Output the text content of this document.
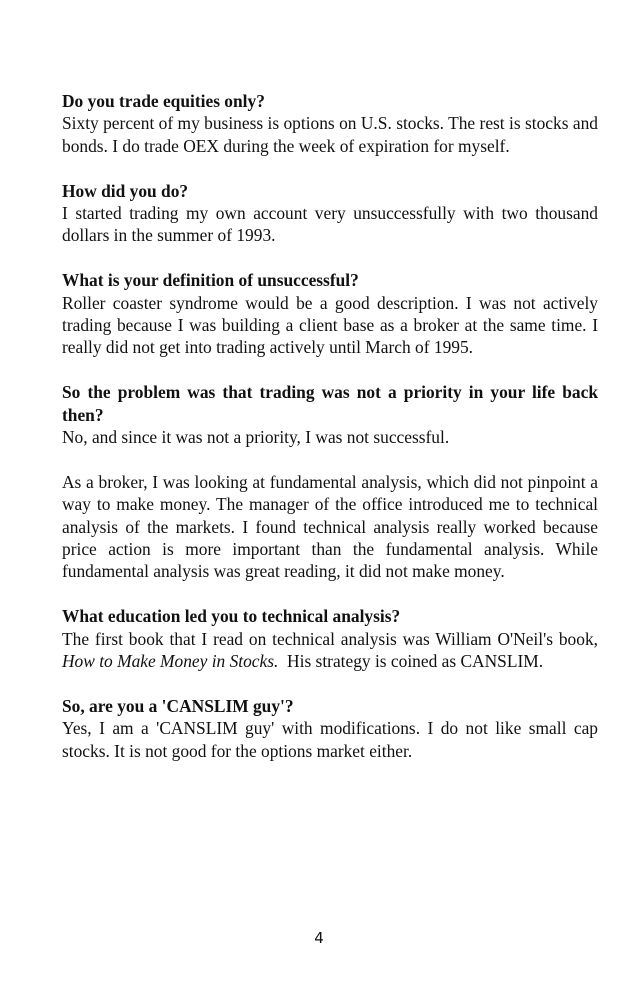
Do you trade equities only?
Sixty percent of my business is options on U.S. stocks. The rest is stocks and bonds. I do trade OEX during the week of expiration for myself.
How did you do?
I started trading my own account very unsuccessfully with two thousand dollars in the summer of 1993.
What is your definition of unsuccessful?
Roller coaster syndrome would be a good description. I was not actively trading because I was building a client base as a broker at the same time. I really did not get into trading actively until March of 1995.
So the problem was that trading was not a priority in your life back then?
No, and since it was not a priority, I was not successful.
As a broker, I was looking at fundamental analysis, which did not pinpoint a way to make money. The manager of the office introduced me to technical analysis of the markets. I found technical analysis really worked because price action is more important than the fundamental analysis. While fundamental analysis was great reading, it did not make money.
What education led you to technical analysis?
The first book that I read on technical analysis was William O'Neil's book, How to Make Money in Stocks.  His strategy is coined as CANSLIM.
So, are you a 'CANSLIM guy'?
Yes, I am a 'CANSLIM guy' with modifications. I do not like small cap stocks. It is not good for the options market either.
4
